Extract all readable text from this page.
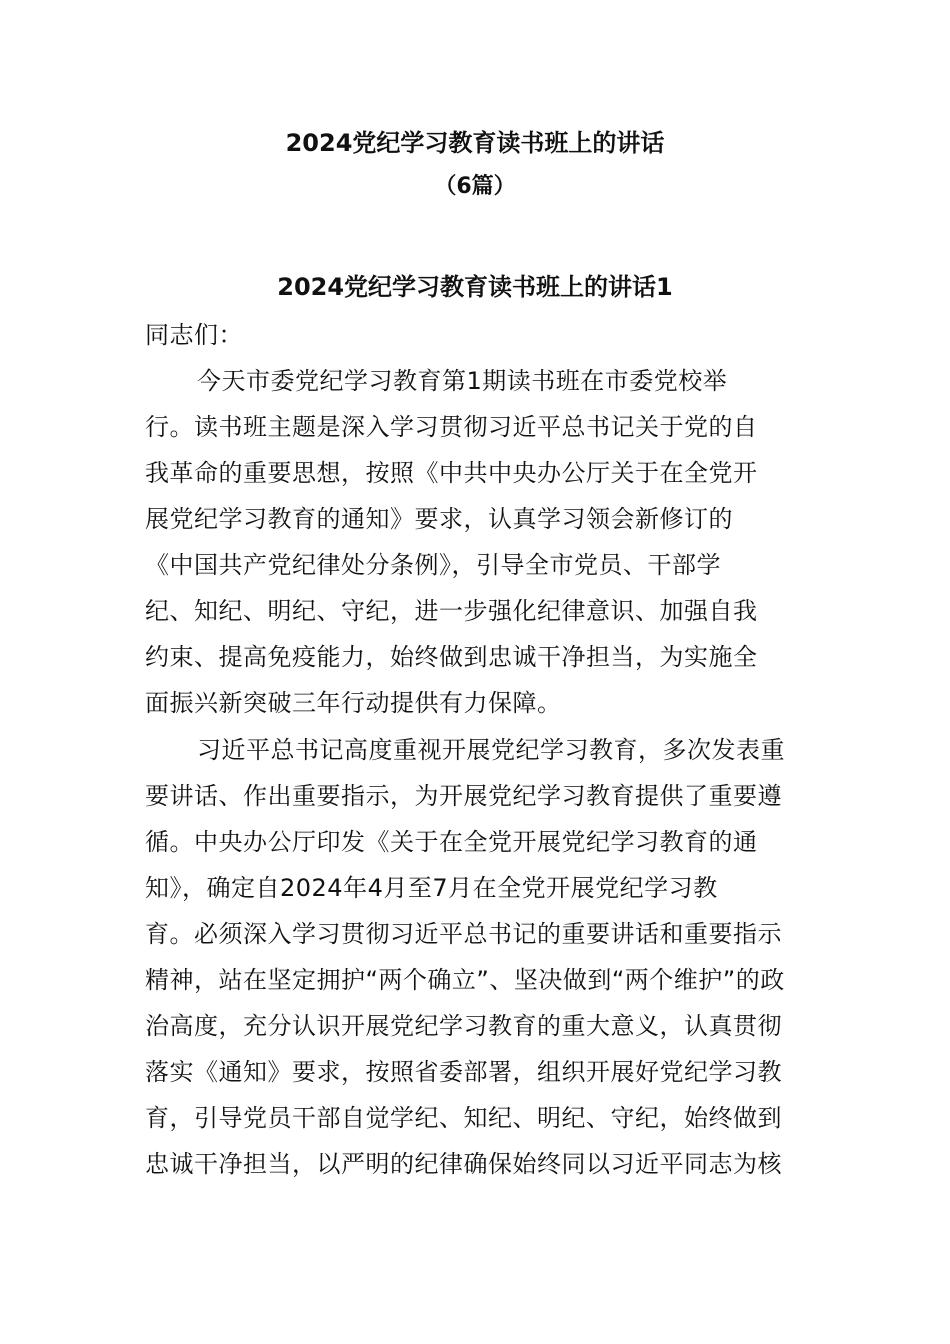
2024党纪学习教育读书班上的讲话
（6篇）
2024党纪学习教育读书班上的讲话1
同志们：
今天市委党纪学习教育第1期读书班在市委党校举
行。读书班主题是深入学习贯彻习近平总书记关于党的自
我革命的重要思想，按照《中共中央办公厅关于在全党开
展党纪学习教育的通知》要求，认真学习领会新修订的
《中国共产党纪律处分条例》，引导全市党员、干部学
纪、知纪、明纪、守纪，进一步强化纪律意识、加强自我
约束、提高免疫能力，始终做到忠诚干净担当，为实施全
面振兴新突破三年行动提供有力保障。
习近平总书记高度重视开展党纪学习教育，多次发表重
要讲话、作出重要指示，为开展党纪学习教育提供了重要遵
循。中央办公厅印发《关于在全党开展党纪学习教育的通
知》，确定自2024年4月至7月在全党开展党纪学习教
育。必须深入学习贯彻习近平总书记的重要讲话和重要指示
精神，站在坚定拥护“两个确立”、坚决做到“两个维护”的政
治高度，充分认识开展党纪学习教育的重大意义，认真贯彻
落实《通知》要求，按照省委部署，组织开展好党纪学习教
育，引导党员干部自觉学纪、知纪、明纪、守纪，始终做到
忠诚干净担当，以严明的纪律确保始终同以习近平同志为核
